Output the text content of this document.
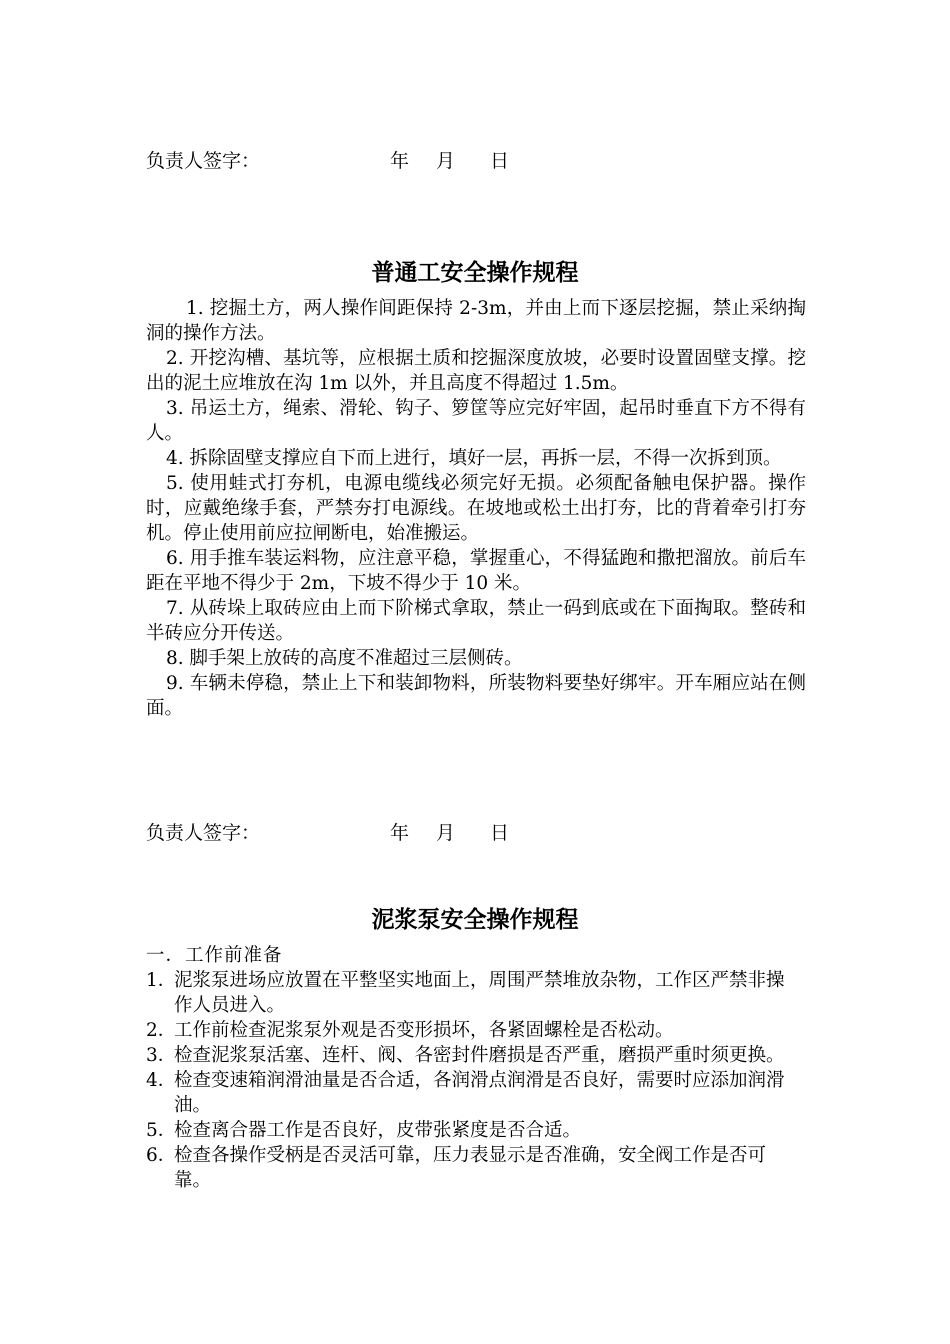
负责人签字：

	年

月

日

普通工安全操作规程

1. 挖掘土方，两人操作间距保持 2-3m，并由上而下逐层挖掘，禁止采纳掏洞的操作方法。

2. 开挖沟槽、基坑等，应根据土质和挖掘深度放坡，必要时设置固壁支撑。挖出的泥土应堆放在沟 1m 以外，并且高度不得超过 1.5m。

3. 吊运土方，绳索、滑轮、钩子、箩筐等应完好牢固，起吊时垂直下方不得有人。

4. 拆除固壁支撑应自下而上进行，填好一层，再拆一层，不得一次拆到顶。

5. 使用蛙式打夯机，电源电缆线必须完好无损。必须配备触电保护器。操作时，应戴绝缘手套，严禁夯打电源线。在坡地或松土出打夯，比的背着牵引打夯机。停止使用前应拉闸断电，始准搬运。

6. 用手推车装运料物，应注意平稳，掌握重心，不得猛跑和撒把溜放。前后车距在平地不得少于 2m，下坡不得少于 10 米。

7. 从砖垛上取砖应由上而下阶梯式拿取，禁止一码到底或在下面掏取。整砖和半砖应分开传送。

8. 脚手架上放砖的高度不准超过三层侧砖。

9. 车辆未停稳，禁止上下和装卸物料，所装物料要垫好绑牢。开车厢应站在侧面。

负责人签字：

	年

月

日

泥浆泵安全操作规程

一．工作前准备

1．
泥浆泵进场应放置在平整坚实地面上，周围严禁堆放杂物，工作区严禁非操作人员进入。
2．
工作前检查泥浆泵外观是否变形损坏，各紧固螺栓是否松动。
3．
检查泥浆泵活塞、连杆、阀、各密封件磨损是否严重，磨损严重时须更换。
4．
检查变速箱润滑油量是否合适，各润滑点润滑是否良好，需要时应添加润滑油。
5．
检查离合器工作是否良好，皮带张紧度是否合适。
6．
检查各操作受柄是否灵活可靠，压力表显示是否准确，安全阀工作是否可靠。
